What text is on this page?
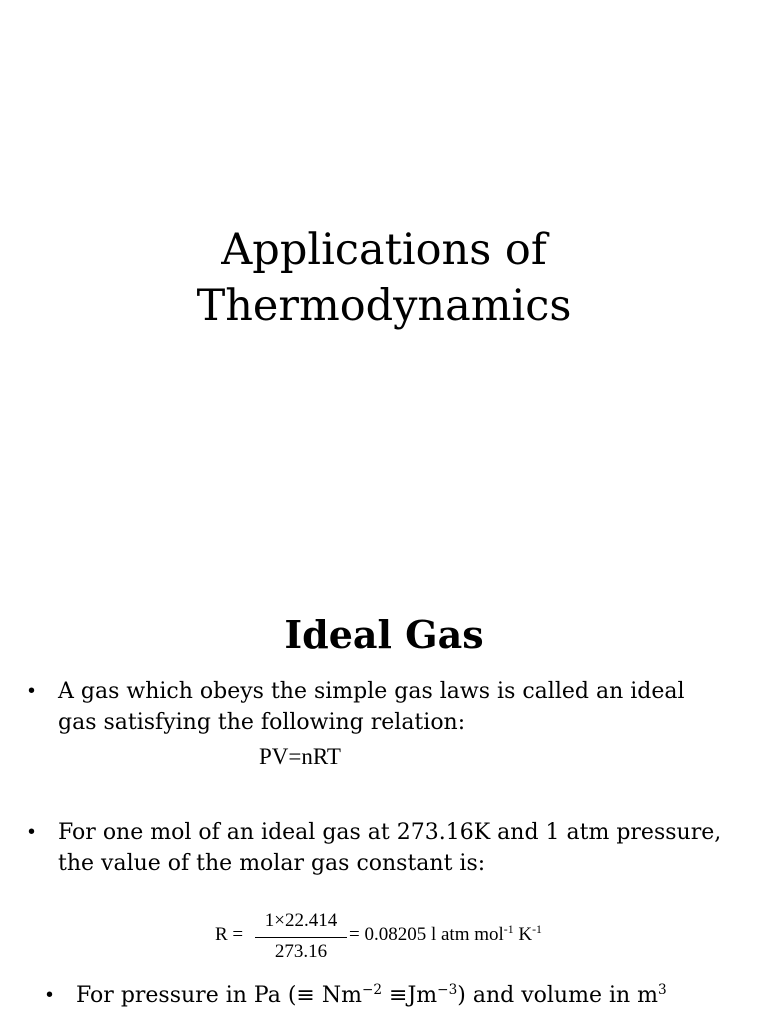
Applications of
Thermodynamics
Ideal Gas
•	A gas which obeys the simple gas laws is called an ideal gas satisfying the following relation:
PV=nRT
•	For one mol of an ideal gas at 273.16K and 1 atm pressure, the value of the molar gas constant is:
R =
1×22.414
273.16
= 0.08205 l atm mol$^{-1}$ $K^{-1}$
•	For pressure in Pa (≡ $Nm^{-2} \equiv Jm^{-3}$) and volume in $m^3$
